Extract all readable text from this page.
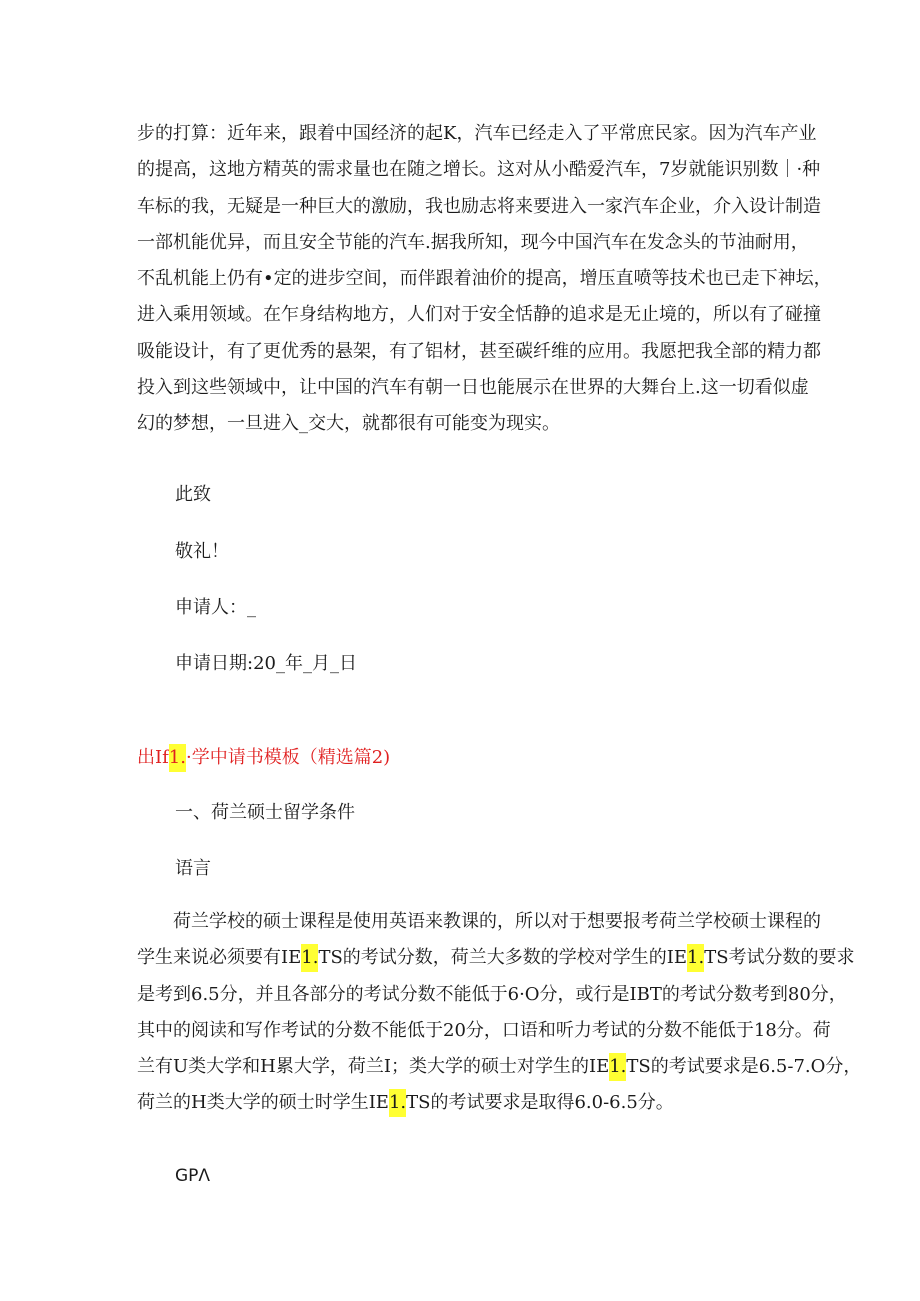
步的打算：近年来，跟着中国经济的起K，汽车已经走入了平常庶民家。因为汽车产业

的提高，这地方精英的需求量也在随之增长。这对从小酷爱汽车，7岁就能识别数｜·种

车标的我，无疑是一种巨大的激励，我也励志将来要进入一家汽车企业，介入设计制造

一部机能优异，而且安全节能的汽车.据我所知，现今中国汽车在发念头的节油耐用，

不乱机能上仍有•定的进步空间，而伴跟着油价的提高，增压直喷等技术也已走下神坛，

进入乘用领域。在乍身结构地方，人们对于安全恬静的追求是无止境的，所以有了碰撞

吸能设计，有了更优秀的悬架，有了铝材，甚至碳纤维的应用。我愿把我全部的精力都

投入到这些领域中，让中国的汽车有朝一日也能展示在世界的大舞台上.这一切看似虚

幻的梦想，一旦进入_交大，就都很有可能变为现实。

此致

敬礼！

申请人：_

申请日期:20_年_月_日

出If1.·学中请书模板（精选篇2)

一、荷兰硕士留学条件

语言

荷兰学校的硕士课程是使用英语来教课的，所以对于想要报考荷兰学校硕士课程的

学生来说必须要有IE1.TS的考试分数，荷兰大多数的学校对学生的IE1.TS考试分数的要求

是考到6.5分，并且各部分的考试分数不能低于6·O分，或行是IBT的考试分数考到80分，

其中的阅读和写作考试的分数不能低于20分，口语和听力考试的分数不能低于18分。荷

兰有U类大学和H累大学，荷兰I；类大学的硕士对学生的IE1.TS的考试要求是6.5-7.O分，

荷兰的H类大学的硕士时学生IE1.TS的考试要求是取得6.0-6.5分。

GPΛ
